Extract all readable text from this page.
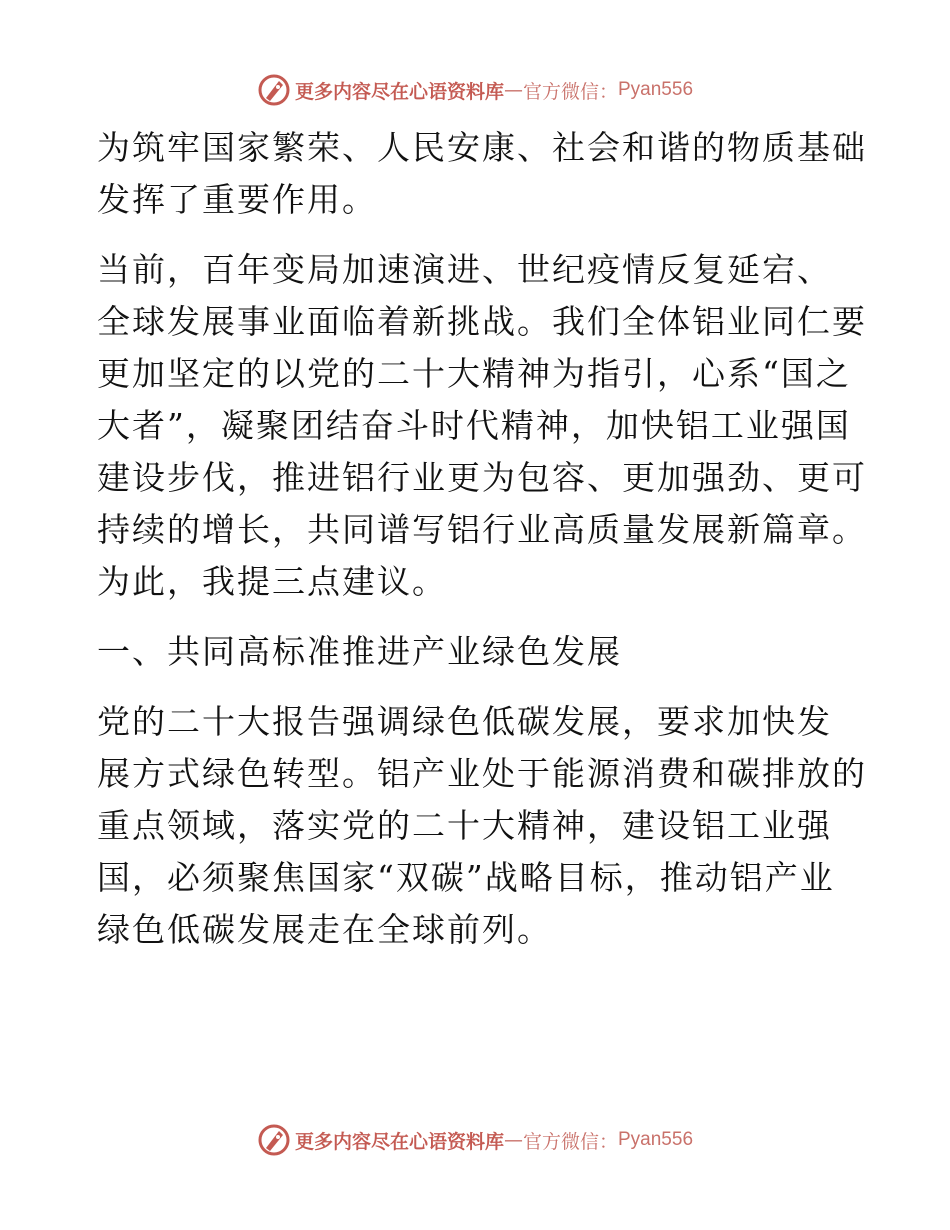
更多内容尽在心语资料库 — 官方微信： Pyan556

为筑牢国家繁荣、人民安康、社会和谐的物质基础
发挥了重要作用。

当前，百年变局加速演进、世纪疫情反复延宕、
全球发展事业面临着新挑战。我们全体铝业同仁要
更加坚定的以党的二十大精神为指引，心系“国之
大者”，凝聚团结奋斗时代精神，加快铝工业强国
建设步伐，推进铝行业更为包容、更加强劲、更可
持续的增长，共同谱写铝行业高质量发展新篇章。
为此，我提三点建议。

一、共同高标准推进产业绿色发展

党的二十大报告强调绿色低碳发展，要求加快发
展方式绿色转型。铝产业处于能源消费和碳排放的
重点领域，落实党的二十大精神，建设铝工业强
国，必须聚焦国家“双碳”战略目标，推动铝产业
绿色低碳发展走在全球前列。

更多内容尽在心语资料库 — 官方微信： Pyan556
